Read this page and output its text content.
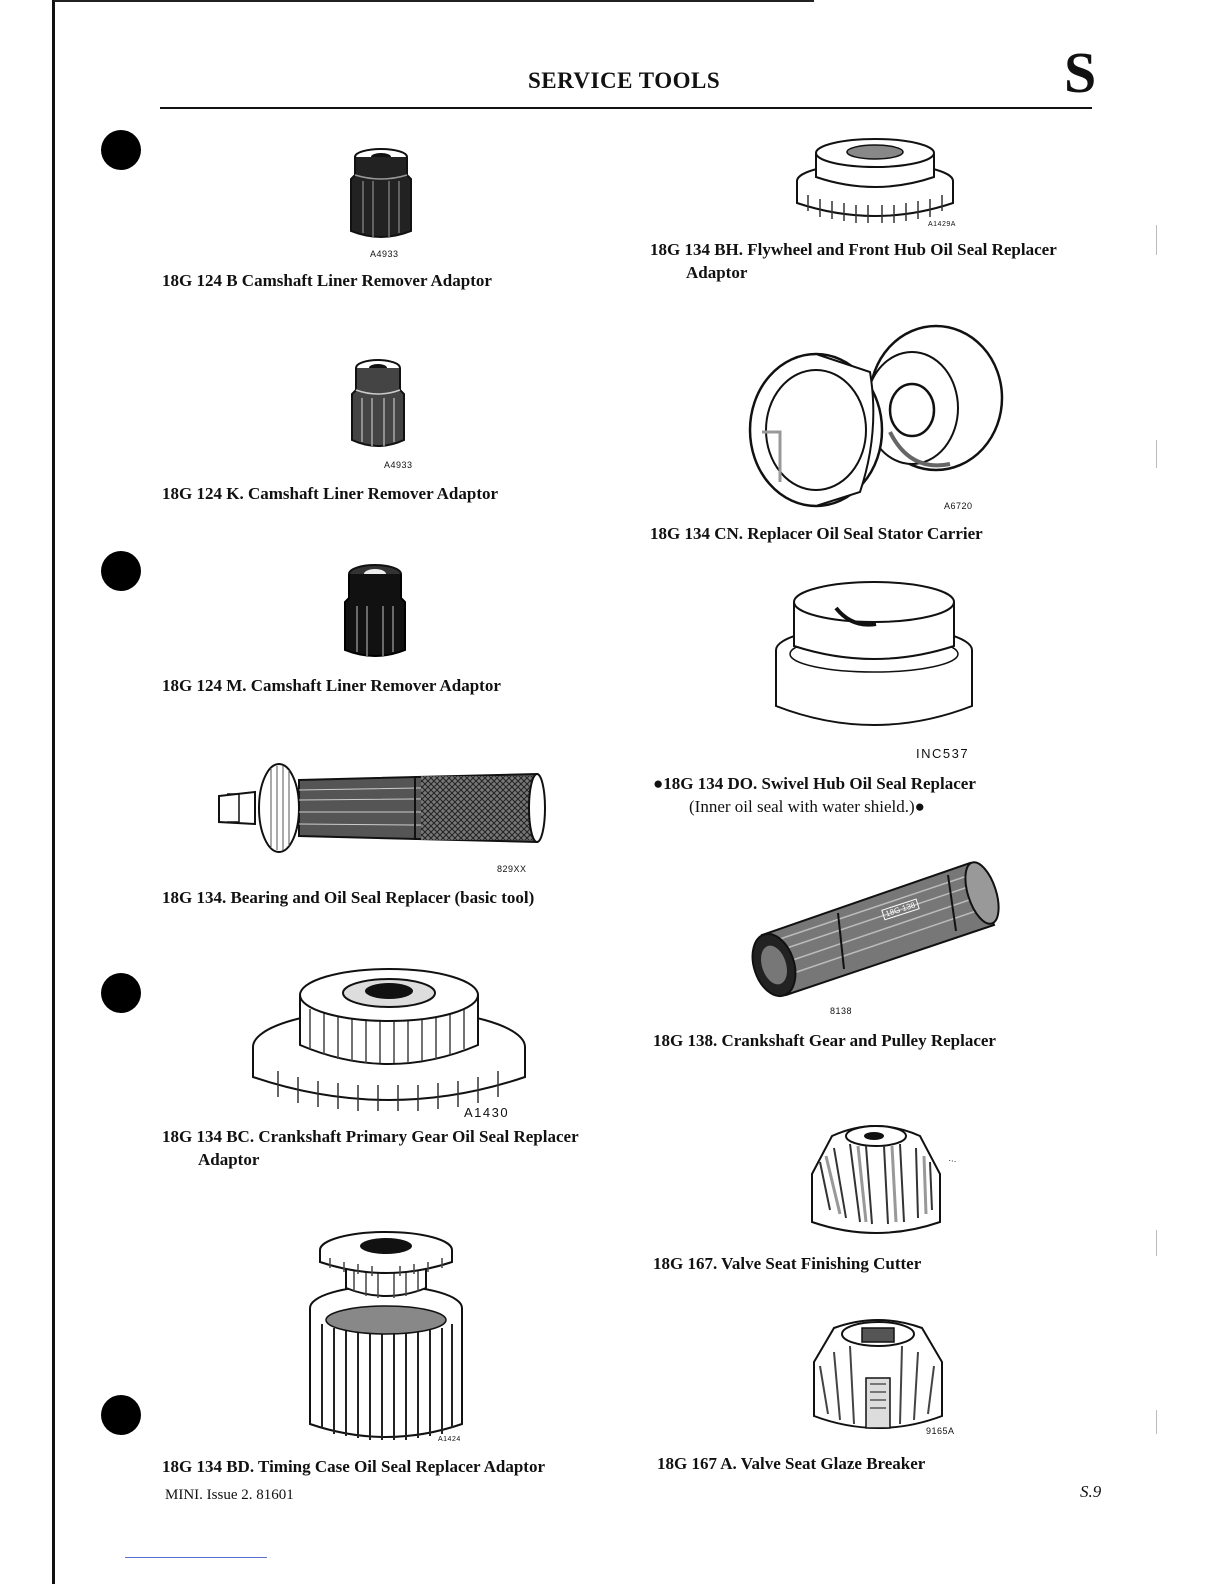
SERVICE TOOLS	S
A4933
18G 124 B Camshaft Liner Remover Adaptor
A4933
18G 124 K. Camshaft Liner Remover Adaptor
18G 124 M. Camshaft Liner Remover Adaptor
829XX
18G 134. Bearing and Oil Seal Replacer (basic tool)
A1430
18G 134 BC. Crankshaft Primary Gear Oil Seal Replacer
Adaptor
A1424
18G 134 BD. Timing Case Oil Seal Replacer Adaptor
A1429A
18G 134 BH. Flywheel and Front Hub Oil Seal Replacer
Adaptor
A6720
18G 134 CN. Replacer Oil Seal Stator Carrier
INC537
●18G 134 DO. Swivel Hub Oil Seal Replacer
(Inner oil seal with water shield.)●
18G 138
8138
18G 138. Crankshaft Gear and Pulley Replacer
⋮
18G 167. Valve Seat Finishing Cutter
9165A
18G 167 A. Valve Seat Glaze Breaker
MINI. Issue 2. 81601	S.9
